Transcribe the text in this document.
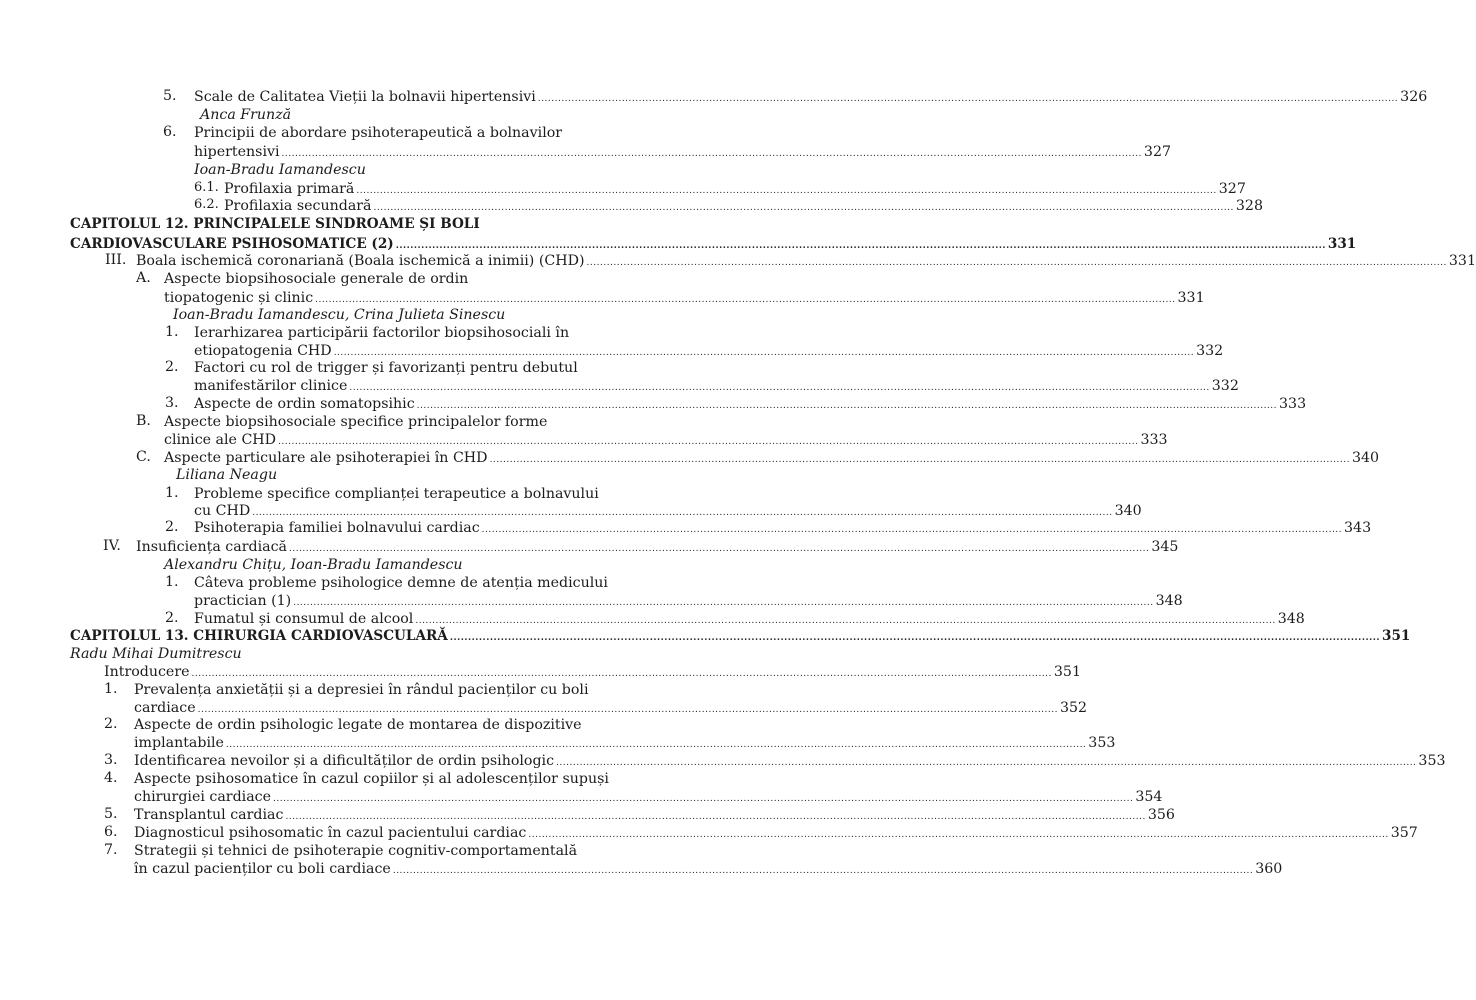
5. Scale de Calitatea Vieții la bolnavii hipertensivi .....	326
Anca Frunză
6. Principii de abordare psihoterapeutică a bolnavilor
hipertensivi .....	327
Ioan-Bradu Iamandescu
6.1. Profilaxia primară .....	327
6.2. Profilaxia secundară .....	328
CAPITOLUL 12. PRINCIPALELE SINDROAME ȘI BOLI
CARDIOVASCULARE PSIHOSOMATICE (2) .....	331
III. Boala ischemică coronariană (Boala ischemică a inimii) (CHD) .....	331
A. Aspecte biopsihosociale generale de ordin
tiopatogenic și clinic .....	331
Ioan-Bradu Iamandescu, Crina Julieta Sinescu
1. Ierarhizarea participării factorilor biopsihosociali în
etiopatogenia CHD .....	332
2. Factori cu rol de trigger și favorizanți pentru debutul
manifestărilor clinice .....	332
3. Aspecte de ordin somatopsihic .....	333
B. Aspecte biopsihosociale specifice principalelor forme
clinice ale CHD .....	333
C. Aspecte particulare ale psihoterapiei în CHD .....	340
Liliana Neagu
1. Probleme specifice complianței terapeutice a bolnavului
cu CHD .....	340
2. Psihoterapia familiei bolnavului cardiac .....	343
IV. Insuficiența cardiacă .....	345
Alexandru Chițu, Ioan-Bradu Iamandescu
1. Câteva probleme psihologice demne de atenția medicului
practician (1) .....	348
2. Fumatul și consumul de alcool .....	348
CAPITOLUL 13. CHIRURGIA CARDIOVASCULARĂ .....	351
Radu Mihai Dumitrescu
Introducere .....	351
1. Prevalența anxietății și a depresiei în rândul pacienților cu boli
cardiace .....	352
2. Aspecte de ordin psihologic legate de montarea de dispozitive
implantabile .....	353
3. Identificarea nevoilor și a dificultăților de ordin psihologic .....	353
4. Aspecte psihosomatice în cazul copiilor și al adolescenților supuși
chirurgiei cardiace .....	354
5. Transplantul cardiac .....	356
6. Diagnosticul psihosomatic în cazul pacientului cardiac .....	357
7. Strategii și tehnici de psihoterapie cognitiv-comportamentală
în cazul pacienților cu boli cardiace .....	360
